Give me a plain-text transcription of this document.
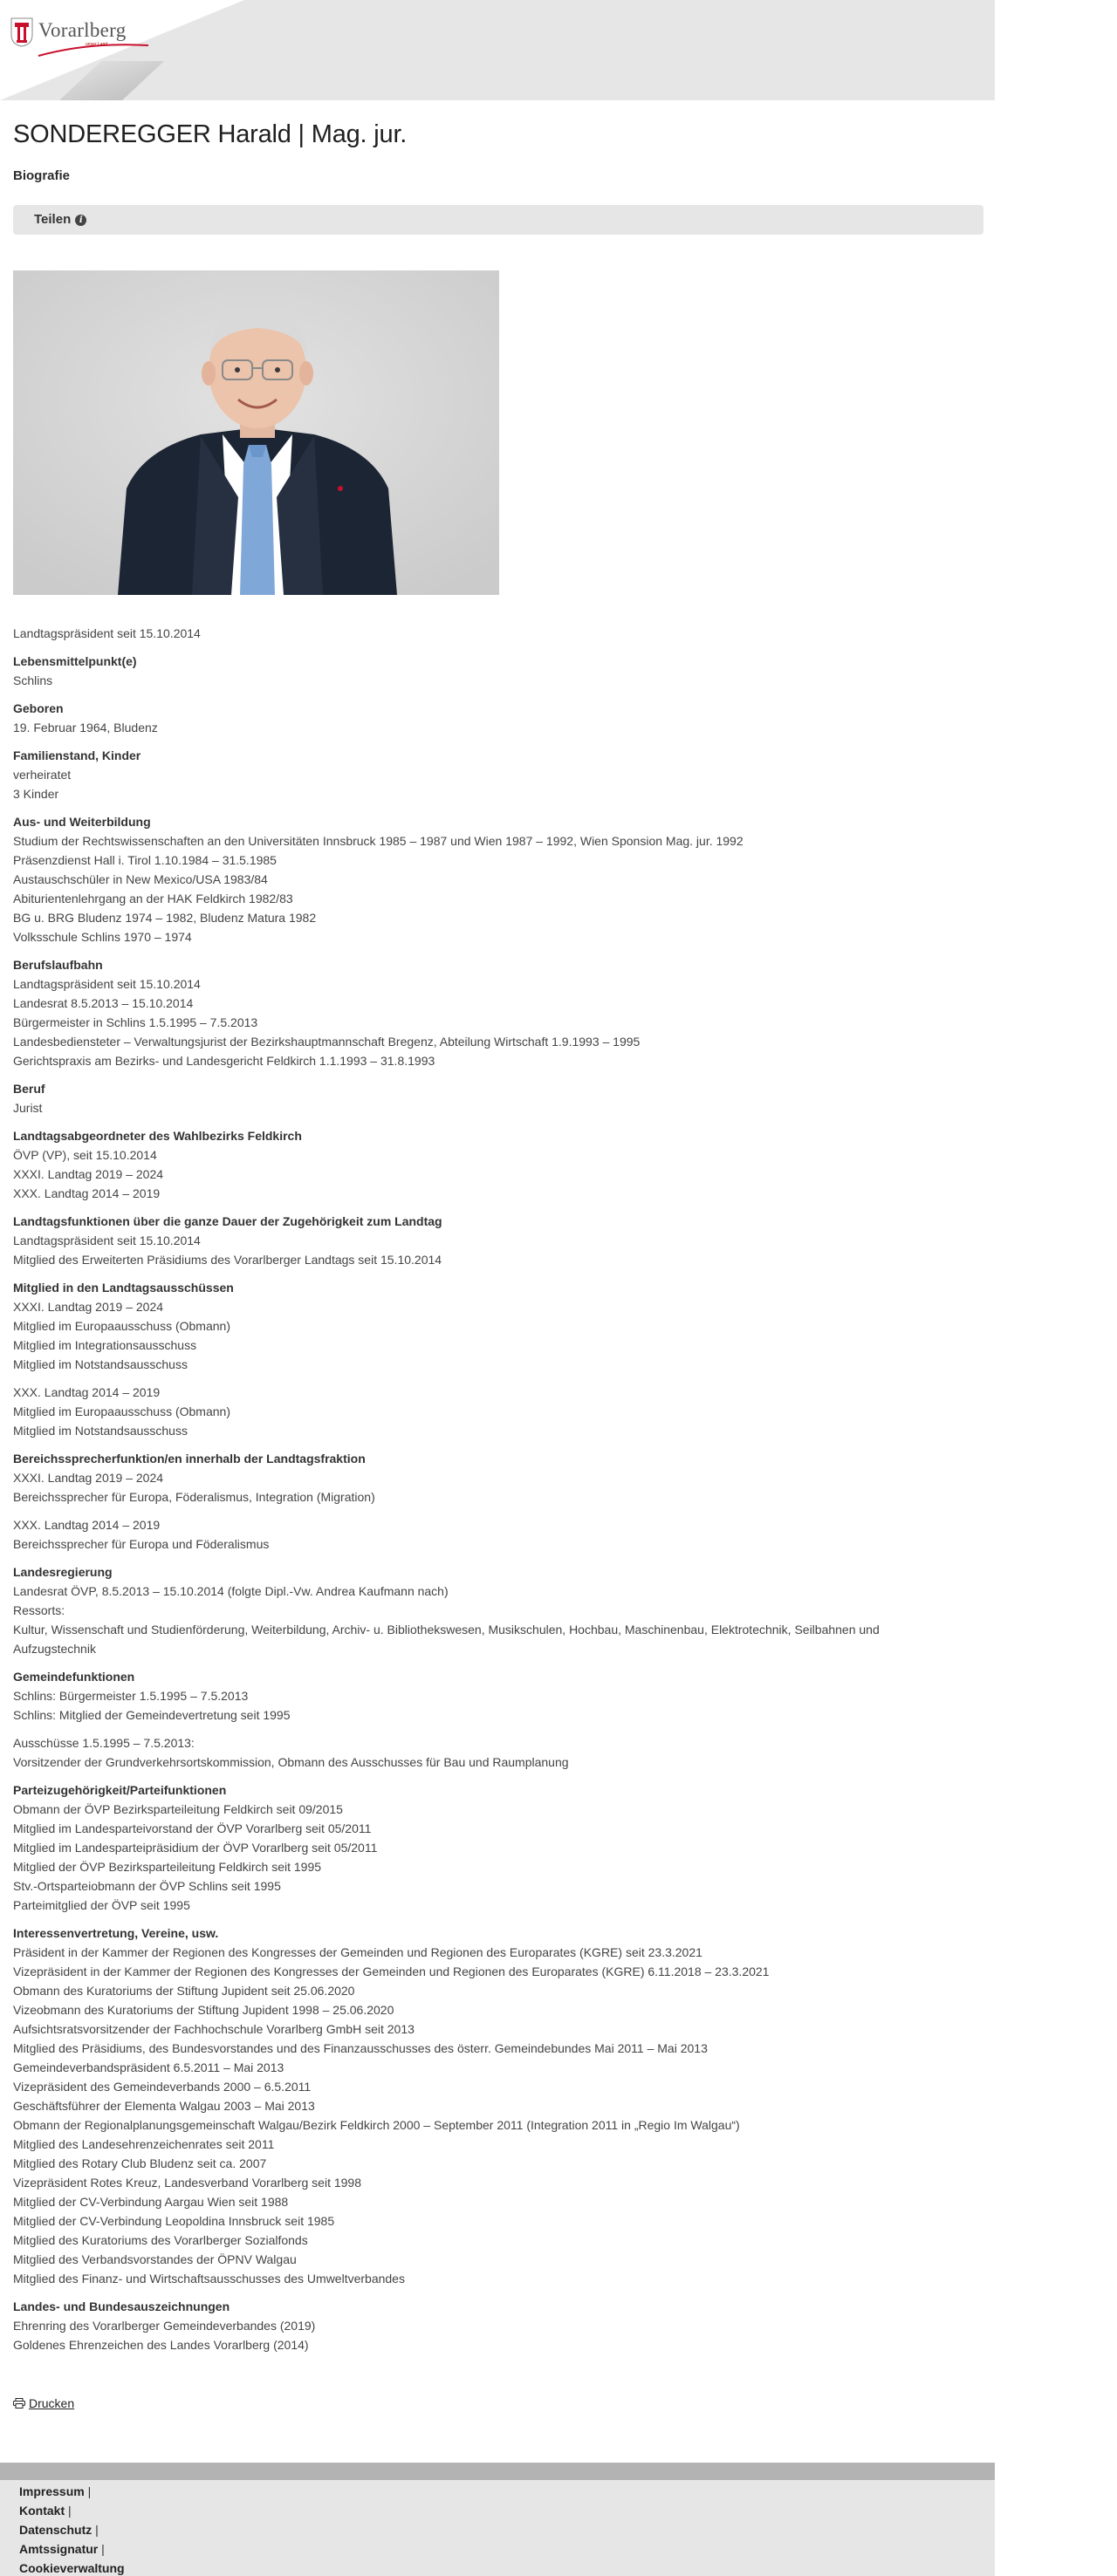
Vorarlberg
unser Land
SONDEREGGER Harald | Mag. jur.
Biografie
Teilen i
Landtagspräsident seit 15.10.2014
Lebensmittelpunkt(e)
Schlins
Geboren
19. Februar 1964, Bludenz
Familienstand, Kinder
verheiratet
3 Kinder
Aus- und Weiterbildung
Studium der Rechtswissenschaften an den Universitäten Innsbruck 1985 – 1987 und Wien 1987 – 1992, Wien Sponsion Mag. jur. 1992
Präsenzdienst Hall i. Tirol 1.10.1984 – 31.5.1985
Austauschschüler in New Mexico/USA 1983/84
Abiturientenlehrgang an der HAK Feldkirch 1982/83
BG u. BRG Bludenz 1974 – 1982, Bludenz Matura 1982
Volksschule Schlins 1970 – 1974
Berufslaufbahn
Landtagspräsident seit 15.10.2014
Landesrat 8.5.2013 – 15.10.2014
Bürgermeister in Schlins 1.5.1995 – 7.5.2013
Landesbediensteter – Verwaltungsjurist der Bezirkshauptmannschaft Bregenz, Abteilung Wirtschaft 1.9.1993 – 1995
Gerichtspraxis am Bezirks- und Landesgericht Feldkirch 1.1.1993 – 31.8.1993
Beruf
Jurist
Landtagsabgeordneter des Wahlbezirks Feldkirch
ÖVP (VP), seit 15.10.2014
XXXI. Landtag 2019 – 2024
XXX. Landtag 2014 – 2019
Landtagsfunktionen über die ganze Dauer der Zugehörigkeit zum Landtag
Landtagspräsident seit 15.10.2014
Mitglied des Erweiterten Präsidiums des Vorarlberger Landtags seit 15.10.2014
Mitglied in den Landtagsausschüssen
XXXI. Landtag 2019 – 2024
Mitglied im Europaausschuss (Obmann)
Mitglied im Integrationsausschuss
Mitglied im Notstandsausschuss
XXX. Landtag 2014 – 2019
Mitglied im Europaausschuss (Obmann)
Mitglied im Notstandsausschuss
Bereichssprecherfunktion/en innerhalb der Landtagsfraktion
XXXI. Landtag 2019 – 2024
Bereichssprecher für Europa, Föderalismus, Integration (Migration)
XXX. Landtag 2014 – 2019
Bereichssprecher für Europa und Föderalismus
Landesregierung
Landesrat ÖVP, 8.5.2013 – 15.10.2014 (folgte Dipl.-Vw. Andrea Kaufmann nach)
Ressorts:
Kultur, Wissenschaft und Studienförderung, Weiterbildung, Archiv- u. Bibliothekswesen, Musikschulen, Hochbau, Maschinenbau, Elektrotechnik, Seilbahnen und
Aufzugstechnik
Gemeindefunktionen
Schlins: Bürgermeister 1.5.1995 – 7.5.2013
Schlins: Mitglied der Gemeindevertretung seit 1995
Ausschüsse 1.5.1995 – 7.5.2013:
Vorsitzender der Grundverkehrsortskommission, Obmann des Ausschusses für Bau und Raumplanung
Parteizugehörigkeit/Parteifunktionen
Obmann der ÖVP Bezirksparteileitung Feldkirch seit 09/2015
Mitglied im Landesparteivorstand der ÖVP Vorarlberg seit 05/2011
Mitglied im Landesparteipräsidium der ÖVP Vorarlberg seit 05/2011
Mitglied der ÖVP Bezirksparteileitung Feldkirch seit 1995
Stv.-Ortsparteiobmann der ÖVP Schlins seit 1995
Parteimitglied der ÖVP seit 1995
Interessenvertretung, Vereine, usw.
Präsident in der Kammer der Regionen des Kongresses der Gemeinden und Regionen des Europarates (KGRE) seit 23.3.2021
Vizepräsident in der Kammer der Regionen des Kongresses der Gemeinden und Regionen des Europarates (KGRE) 6.11.2018 – 23.3.2021
Obmann des Kuratoriums der Stiftung Jupident seit 25.06.2020
Vizeobmann des Kuratoriums der Stiftung Jupident 1998 – 25.06.2020
Aufsichtsratsvorsitzender der Fachhochschule Vorarlberg GmbH seit 2013
Mitglied des Präsidiums, des Bundesvorstandes und des Finanzausschusses des österr. Gemeindebundes Mai 2011 – Mai 2013
Gemeindeverbandspräsident 6.5.2011 – Mai 2013
Vizepräsident des Gemeindeverbands 2000 – 6.5.2011
Geschäftsführer der Elementa Walgau 2003 – Mai 2013
Obmann der Regionalplanungsgemeinschaft Walgau/Bezirk Feldkirch 2000 – September 2011 (Integration 2011 in „Regio Im Walgau“)
Mitglied des Landesehrenzeichenrates seit 2011
Mitglied des Rotary Club Bludenz seit ca. 2007
Vizepräsident Rotes Kreuz, Landesverband Vorarlberg seit 1998
Mitglied der CV-Verbindung Aargau Wien seit 1988
Mitglied der CV-Verbindung Leopoldina Innsbruck seit 1985
Mitglied des Kuratoriums des Vorarlberger Sozialfonds
Mitglied des Verbandsvorstandes der ÖPNV Walgau
Mitglied des Finanz- und Wirtschaftsausschusses des Umweltverbandes
Landes- und Bundesauszeichnungen
Ehrenring des Vorarlberger Gemeindeverbandes (2019)
Goldenes Ehrenzeichen des Landes Vorarlberg (2014)
Drucken
Impressum |
Kontakt |
Datenschutz |
Amtssignatur |
Cookieverwaltung
